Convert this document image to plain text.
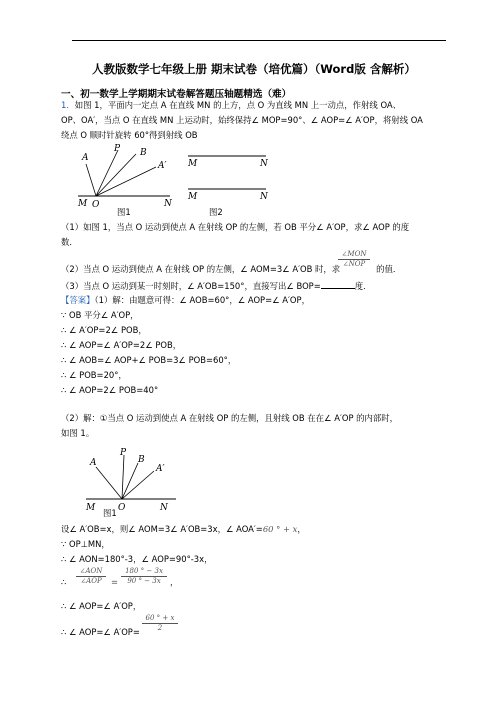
人教版数学七年级上册 期末试卷（培优篇）（Word版 含解析）
一、初一数学上学期期末试卷解答题压轴题精选（难）
1．如图 1，平面内一定点 A 在直线 MN 的上方，点 O 为直线 MN 上一动点，作射线 OA、
OP、OA′，当点 O 在直线 MN 上运动时，始终保持∠ MOP=90°、∠ AOP=∠ A′OP，将射线 OA
绕点 O 顺时针旋转 60°得到射线 OB
A
P B
A′
M O	N
图1
M	N
M	N
图2
（1）如图 1，当点 O 运动到使点 A 在射线 OP 的左侧，若 OB 平分∠ A′OP，求∠ AOP 的度
数．
∠MON
∠NOP
（2）当点 O 运动到使点 A 在射线 OP 的左侧，∠ AOM=3∠ A′OB 时，求	的值．
（3）当点 O 运动到某一时刻时，∠ A′OB=150°，直接写出∠ BOP=	度．
【答案】（1）解：由题意可得：∠ AOB=60°，∠ AOP=∠ A′OP，
∵ OB 平分∠ A′OP，
∴ ∠ A′OP=2∠ POB，
∴ ∠ AOP=∠ A′OP=2∠ POB，
∴ ∠ AOB=∠ AOP+∠ POB=3∠ POB=60°，
∴ ∠ POB=20°，
∴ ∠ AOP=2∠ POB=40°
（2）解：①当点 O 运动到使点 A 在射线 OP 的左侧，且射线 OB 在在∠ A′OP 的内部时，
如图 1。
A
P
B
A′
M	O	N
图1
设∠ A′OB=x，则∠ AOM=3∠ A′OB=3x，∠ AOA′=60 ° + x，
∵ OP⊥MN，
∴ ∠ AON=180°-3，∠ AOP=90°-3x，
∴
∠AON
∠AOP	=
180 ° − 3x
90 ° − 3x	，
∴ ∠ AOP=∠ A′OP，
∴ ∠ AOP=∠ A′OP=
60 ° + x
2
